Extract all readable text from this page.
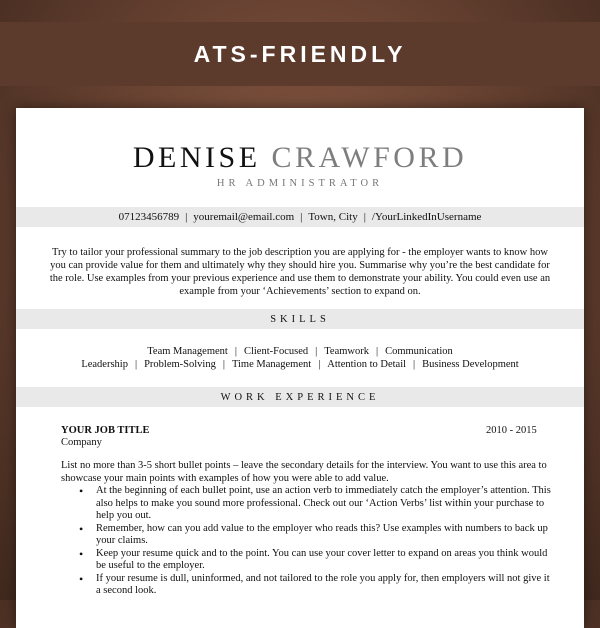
ATS-FRIENDLY
DENISE CRAWFORD
HR ADMINISTRATOR
07123456789 | youremail@email.com | Town, City | /YourLinkedInUsername
Try to tailor your professional summary to the job description you are applying for - the employer wants to know how you can provide value for them and ultimately why they should hire you. Summarise why you’re the best candidate for the role. Use examples from your previous experience and use them to demonstrate your ability. You could even use an example from your ‘Achievements’ section to expand on.
SKILLS
Team Management | Client-Focused | Teamwork | Communication
Leadership | Problem-Solving | Time Management | Attention to Detail | Business Development
WORK EXPERIENCE
YOUR JOB TITLE	2010 - 2015
Company
List no more than 3-5 short bullet points – leave the secondary details for the interview. You want to use this area to showcase your main points with examples of how you were able to add value.
• At the beginning of each bullet point, use an action verb to immediately catch the employer’s attention. This also helps to make you sound more professional. Check out our ‘Action Verbs’ list within your purchase to help you out.
• Remember, how can you add value to the employer who reads this? Use examples with numbers to back up your claims.
• Keep your resume quick and to the point. You can use your cover letter to expand on areas you think would be useful to the employer.
• If your resume is dull, uninformed, and not tailored to the role you apply for, then employers will not give it a second look.
